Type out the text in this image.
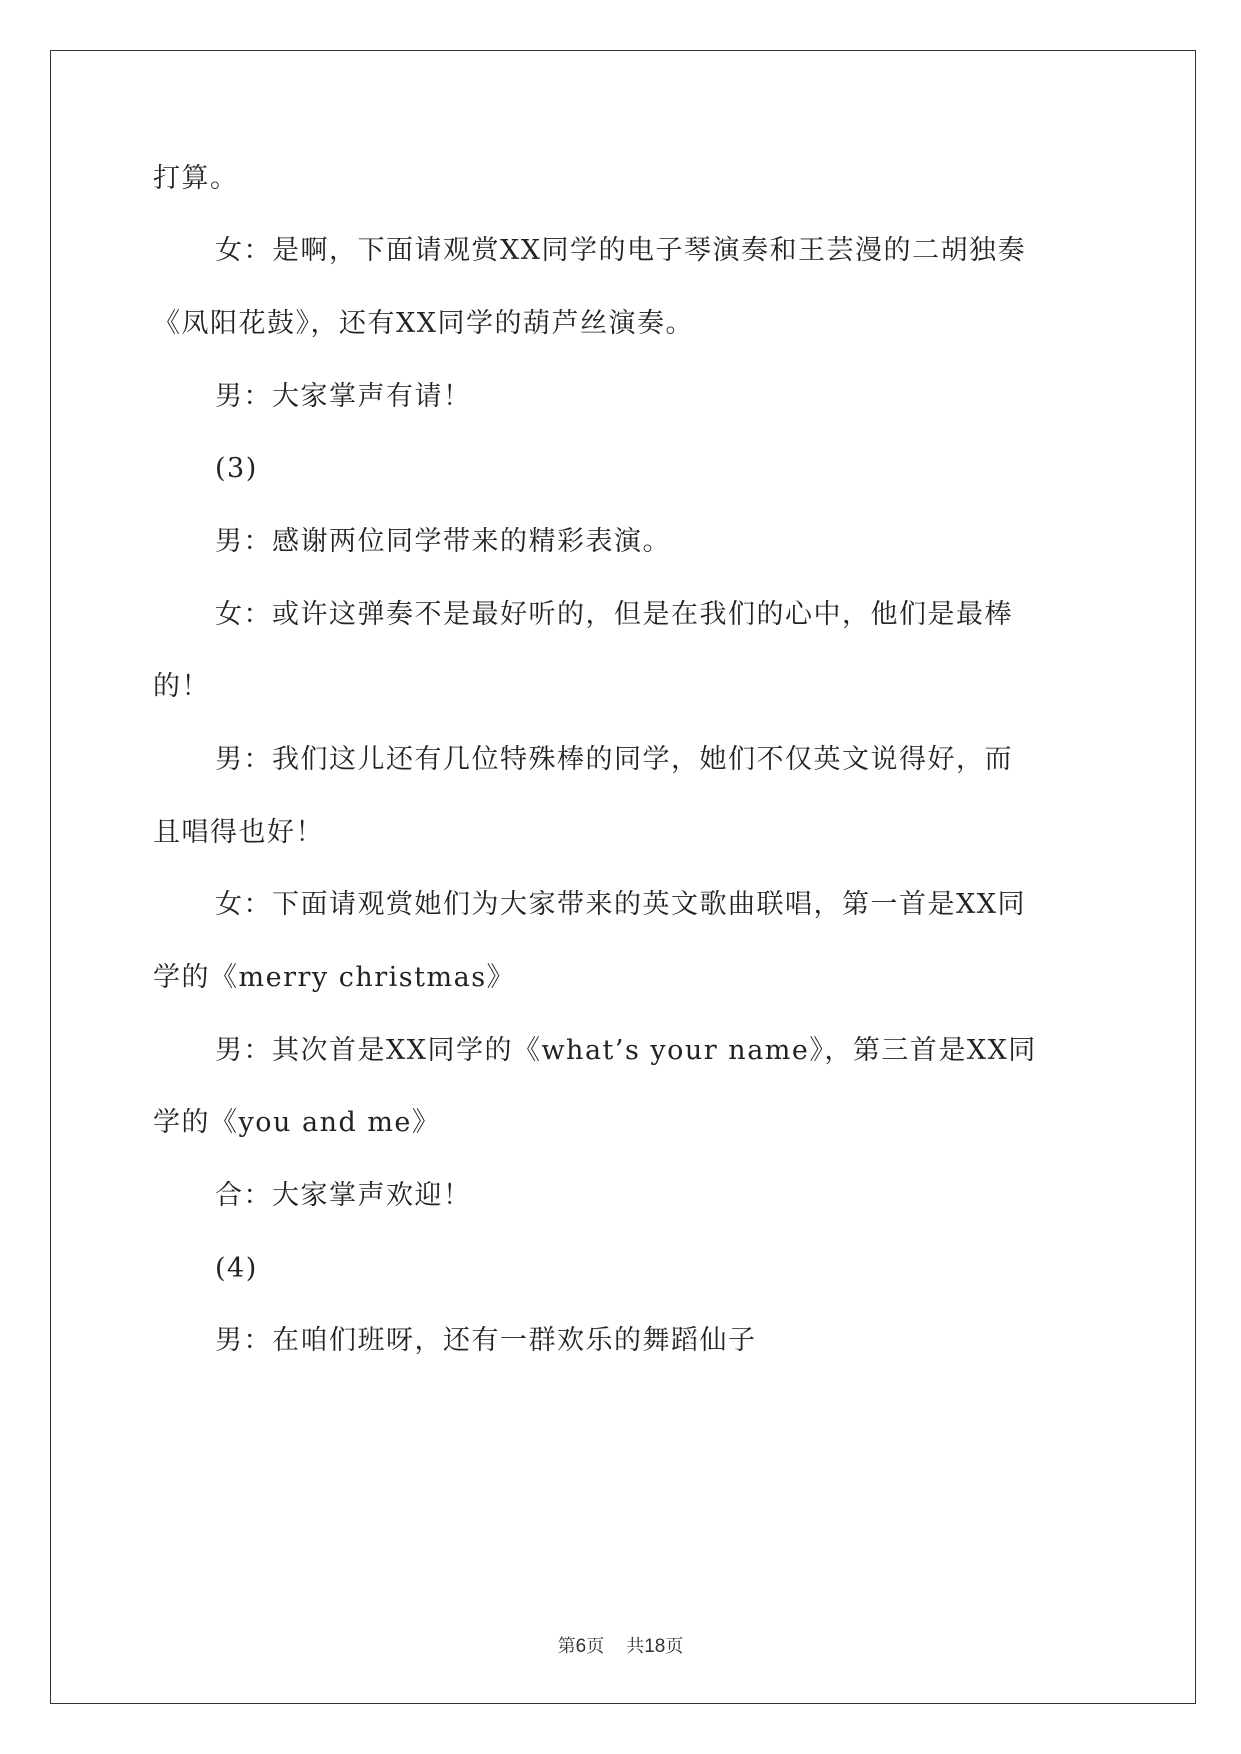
打算。
女：是啊，下面请观赏XX同学的电子琴演奏和王芸漫的二胡独奏
《凤阳花鼓》，还有XX同学的葫芦丝演奏。
男：大家掌声有请！
(3)
男：感谢两位同学带来的精彩表演。
女：或许这弹奏不是最好听的，但是在我们的心中，他们是最棒
的！
男：我们这儿还有几位特殊棒的同学，她们不仅英文说得好，而
且唱得也好！
女：下面请观赏她们为大家带来的英文歌曲联唱，第一首是XX同
学的《merry christmas》
男：其次首是XX同学的《what’s your name》，第三首是XX同
学的《you and me》
合：大家掌声欢迎！
(4)
男：在咱们班呀，还有一群欢乐的舞蹈仙子
第6页 共18页
